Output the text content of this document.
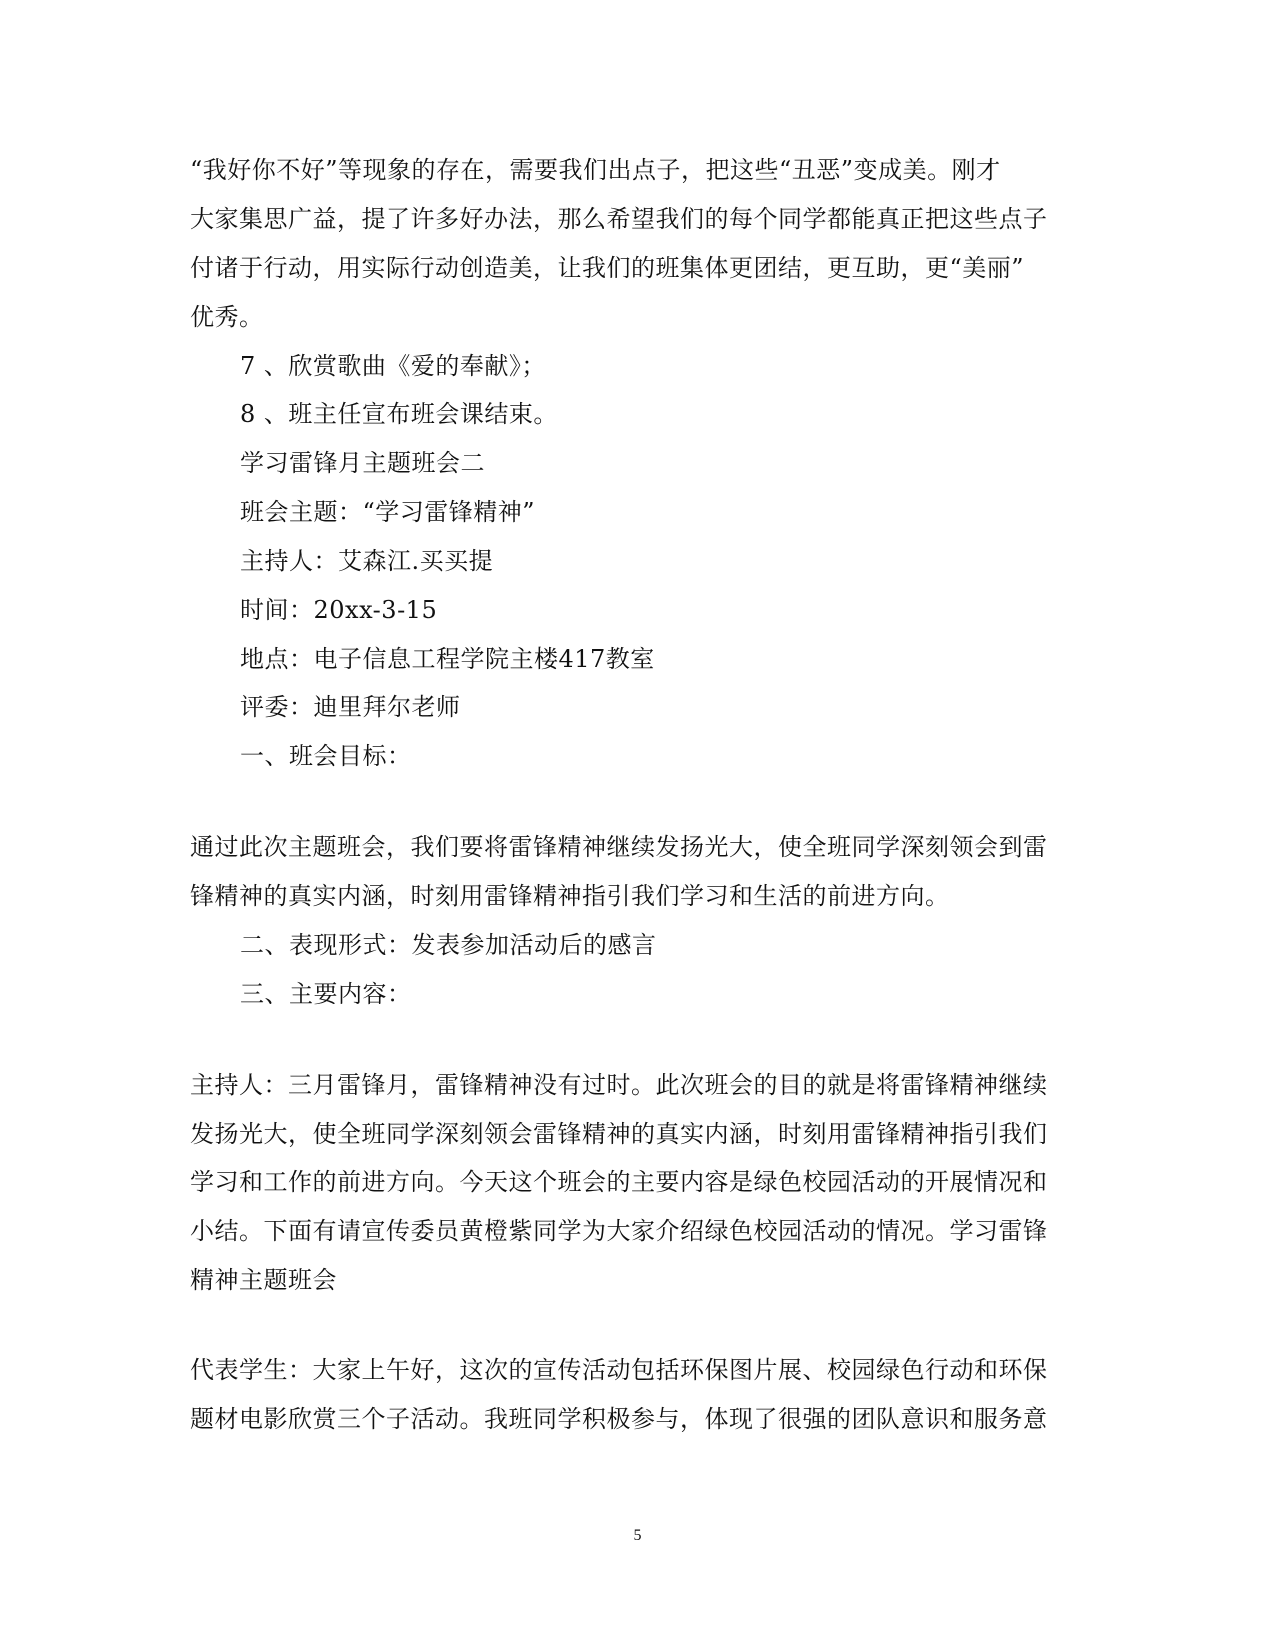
“我好你不好”等现象的存在，需要我们出点子，把这些“丑恶”变成美。刚才
大家集思广益，提了许多好办法，那么希望我们的每个同学都能真正把这些点子
付诸于行动，用实际行动创造美，让我们的班集体更团结，更互助，更“美丽”
优秀。
7 、欣赏歌曲《爱的奉献》；
8 、班主任宣布班会课结束。
学习雷锋月主题班会二
班会主题：“学习雷锋精神”
主持人：艾森江.买买提
时间：20xx-3-15
地点：电子信息工程学院主楼417教室
评委：迪里拜尔老师
一、班会目标：
通过此次主题班会，我们要将雷锋精神继续发扬光大，使全班同学深刻领会到雷
锋精神的真实内涵，时刻用雷锋精神指引我们学习和生活的前进方向。
二、表现形式：发表参加活动后的感言
三、主要内容：
主持人：三月雷锋月，雷锋精神没有过时。此次班会的目的就是将雷锋精神继续
发扬光大，使全班同学深刻领会雷锋精神的真实内涵，时刻用雷锋精神指引我们
学习和工作的前进方向。今天这个班会的主要内容是绿色校园活动的开展情况和
小结。下面有请宣传委员黄橙紫同学为大家介绍绿色校园活动的情况。学习雷锋
精神主题班会
代表学生：大家上午好，这次的宣传活动包括环保图片展、校园绿色行动和环保
题材电影欣赏三个子活动。我班同学积极参与，体现了很强的团队意识和服务意
5
